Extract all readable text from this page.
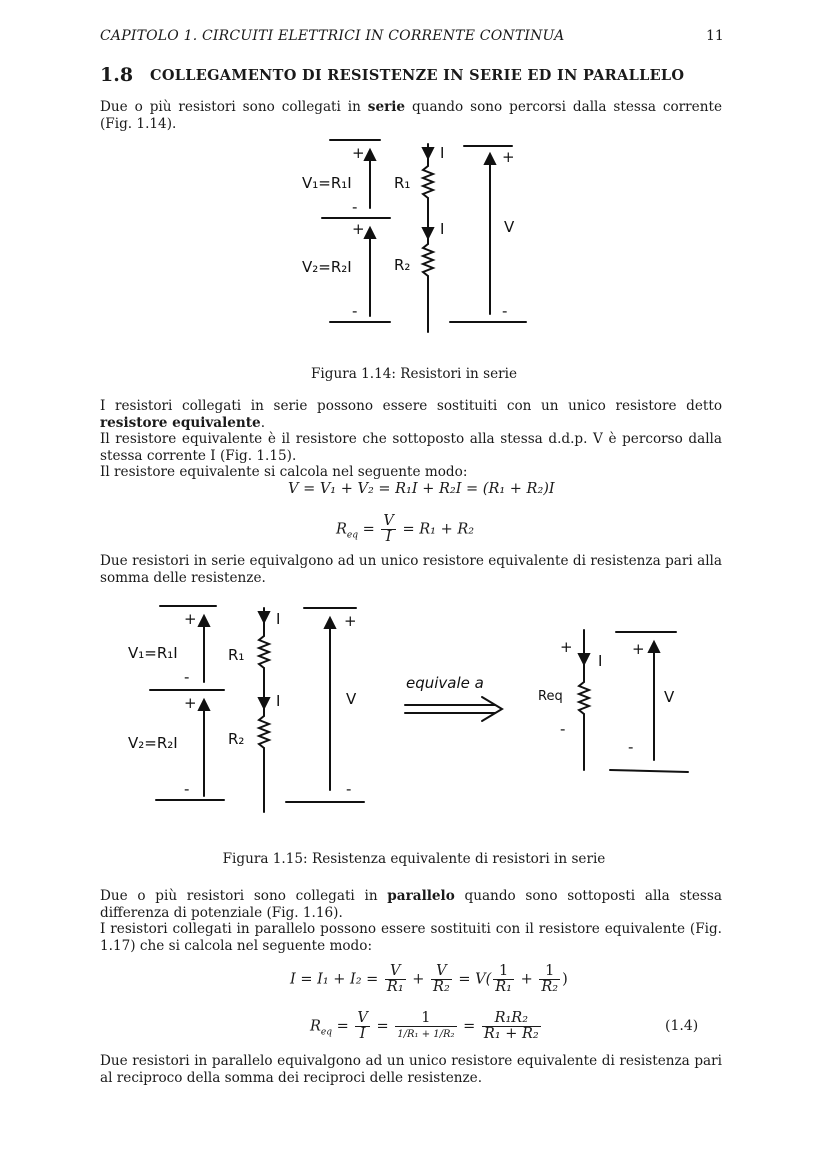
CAPITOLO 1. CIRCUITI ELETTRICI IN CORRENTE CONTINUA	11
1.8 COLLEGAMENTO DI RESISTENZE IN SERIE ED IN PARALLELO

Due o più resistori sono collegati in serie quando sono percorsi dalla stessa corrente (Fig. 1.14).

+
V₁=R₁I
-
+
V₂=R₂I
-
R₁
R₂
I
I
+
V
-
Figura 1.14: Resistori in serie

I resistori collegati in serie possono essere sostituiti con un unico resistore detto resistore equivalente.

Il resistore equivalente è il resistore che sottoposto alla stessa d.d.p. V è percorso dalla stessa corrente I (Fig. 1.15).

Il resistore equivalente si calcola nel seguente modo:

V = V₁ + V₂ = R₁I + R₂I = (R₁ + R₂)I
$R_{eq} = \frac{V}{I} = R_1 + R_2$

Due resistori in serie equivalgono ad un unico resistore equivalente di resistenza pari alla somma delle resistenze.

+
V₁=R₁I
-
+
V₂=R₂I
-
R₁
R₂
I
I
+
V
-
equivale a
+
I
+
Req
-
V
-
Figura 1.15: Resistenza equivalente di resistori in serie

Due o più resistori sono collegati in parallelo quando sono sottoposti alla stessa differenza di potenziale (Fig. 1.16).

I resistori collegati in parallelo possono essere sostituiti con il resistore equivalente (Fig. 1.17) che si calcola nel seguente modo:

$I = I_1 + I_2 = \frac{V}{\text{R₁}} + \frac{V}{\text{R₂}} = V( \frac{1}{\text{R₁}} + \frac{1}{\text{R₂}}$ )
$R_{eq} = \frac{V}{I} = \frac{1}{\text{1/R₁ + 1/R₂}} = \frac{\text{R₁R₂}}{\text{R₁ + R₂}}$	(1.4)

Due resistori in parallelo equivalgono ad un unico resistore equivalente di resistenza pari al reciproco della somma dei reciproci delle resistenze.
